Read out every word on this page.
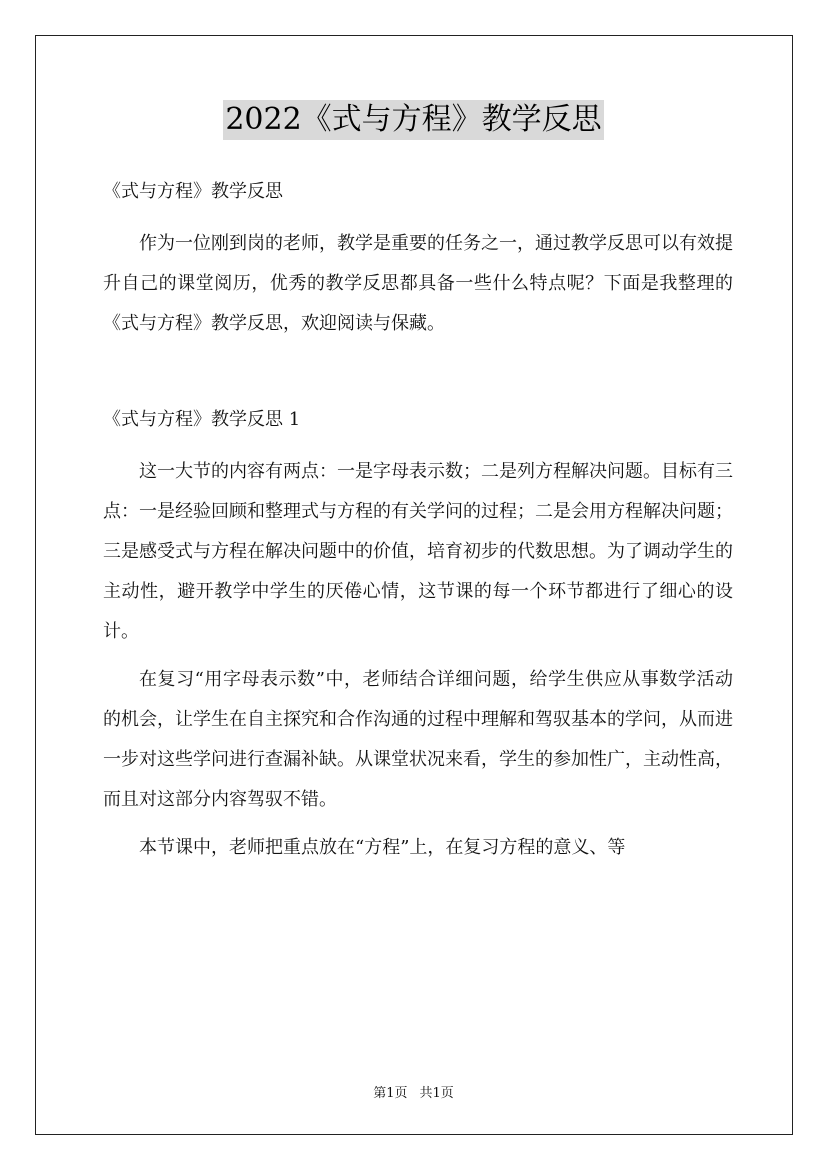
2022《式与方程》教学反思

《式与方程》教学反思

作为一位刚到岗的老师，教学是重要的任务之一，通过教学反思可以有效提升自己的课堂阅历，优秀的教学反思都具备一些什么特点呢？下面是我整理的《式与方程》教学反思，欢迎阅读与保藏。

《式与方程》教学反思 1

这一大节的内容有两点：一是字母表示数；二是列方程解决问题。目标有三点：一是经验回顾和整理式与方程的有关学问的过程；二是会用方程解决问题；三是感受式与方程在解决问题中的价值，培育初步的代数思想。为了调动学生的主动性，避开教学中学生的厌倦心情，这节课的每一个环节都进行了细心的设计。

在复习“用字母表示数”中，老师结合详细问题，给学生供应从事数学活动的机会，让学生在自主探究和合作沟通的过程中理解和驾驭基本的学问，从而进一步对这些学问进行查漏补缺。从课堂状况来看，学生的参加性广，主动性高，而且对这部分内容驾驭不错。

本节课中，老师把重点放在“方程”上，在复习方程的意义、等

第1页 共1页
